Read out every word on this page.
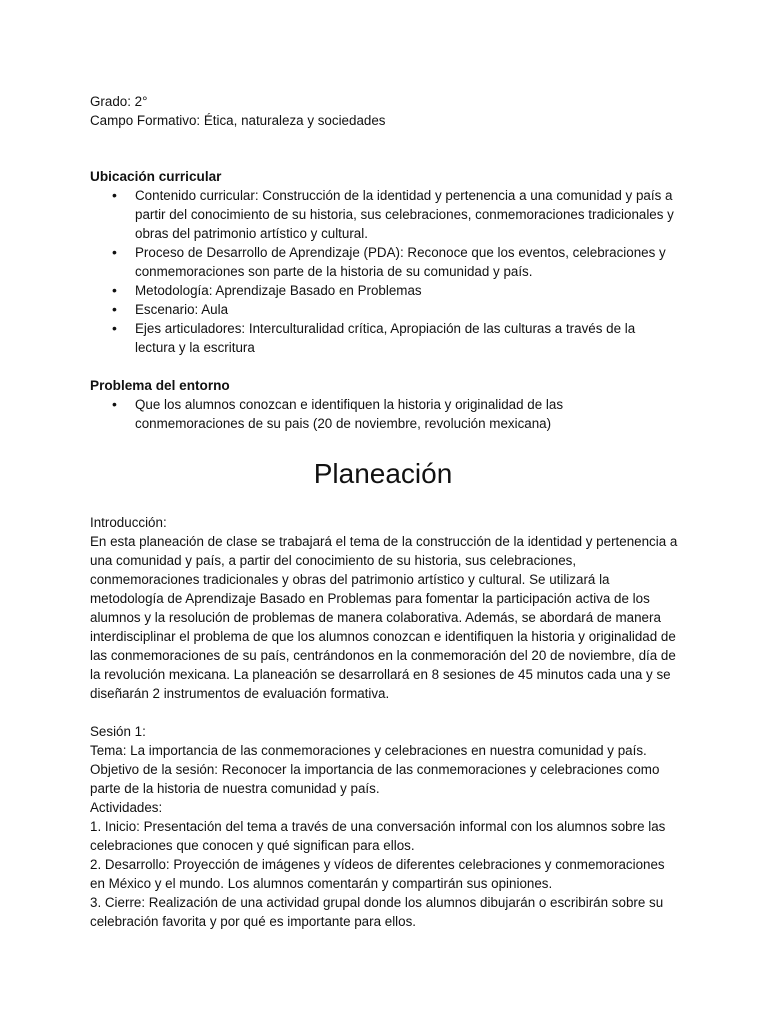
Grado: 2°
Campo Formativo: Ética, naturaleza y sociedades
Ubicación curricular
• Contenido curricular: Construcción de la identidad y pertenencia a una comunidad y país a partir del conocimiento de su historia, sus celebraciones, conmemoraciones tradicionales y obras del patrimonio artístico y cultural.
• Proceso de Desarrollo de Aprendizaje (PDA): Reconoce que los eventos, celebraciones y conmemoraciones son parte de la historia de su comunidad y país.
• Metodología: Aprendizaje Basado en Problemas
• Escenario: Aula
• Ejes articuladores: Interculturalidad crítica, Apropiación de las culturas a través de la lectura y la escritura
Problema del entorno
• Que los alumnos conozcan e identifiquen la historia y originalidad de las conmemoraciones de su pais (20 de noviembre, revolución mexicana)
Planeación

Introducción:

En esta planeación de clase se trabajará el tema de la construcción de la identidad y pertenencia a una comunidad y país, a partir del conocimiento de su historia, sus celebraciones, conmemoraciones tradicionales y obras del patrimonio artístico y cultural. Se utilizará la metodología de Aprendizaje Basado en Problemas para fomentar la participación activa de los alumnos y la resolución de problemas de manera colaborativa. Además, se abordará de manera interdisciplinar el problema de que los alumnos conozcan e identifiquen la historia y originalidad de las conmemoraciones de su país, centrándonos en la conmemoración del 20 de noviembre, día de la revolución mexicana. La planeación se desarrollará en 8 sesiones de 45 minutos cada una y se diseñarán 2 instrumentos de evaluación formativa.

Sesión 1:

Tema: La importancia de las conmemoraciones y celebraciones en nuestra comunidad y país.

Objetivo de la sesión: Reconocer la importancia de las conmemoraciones y celebraciones como parte de la historia de nuestra comunidad y país.

Actividades:

1. Inicio: Presentación del tema a través de una conversación informal con los alumnos sobre las celebraciones que conocen y qué significan para ellos.

2. Desarrollo: Proyección de imágenes y vídeos de diferentes celebraciones y conmemoraciones en México y el mundo. Los alumnos comentarán y compartirán sus opiniones.

3. Cierre: Realización de una actividad grupal donde los alumnos dibujarán o escribirán sobre su celebración favorita y por qué es importante para ellos.
